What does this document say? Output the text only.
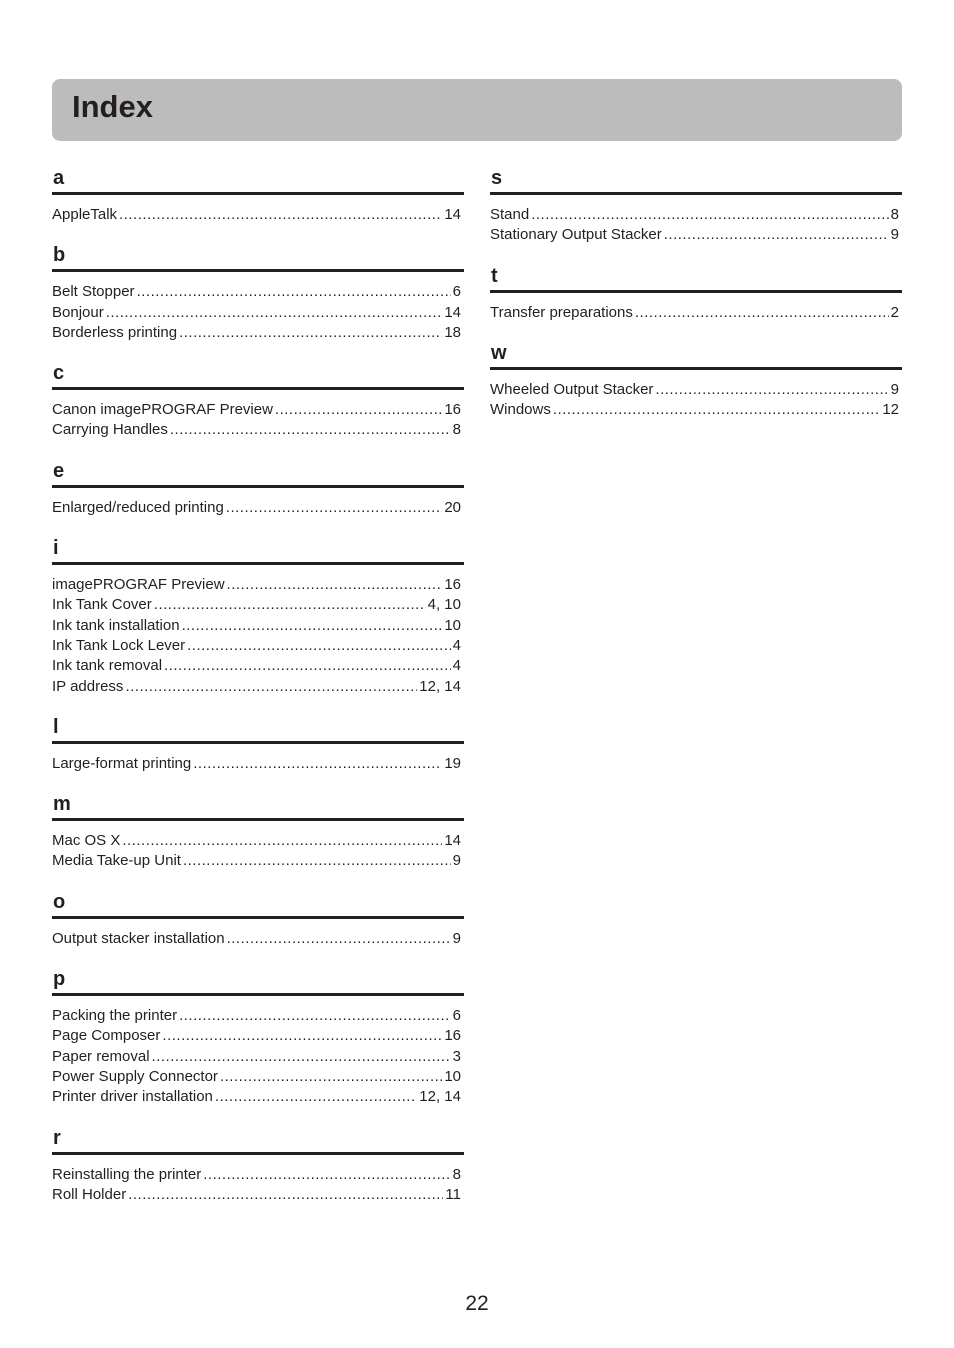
Index
a
AppleTalk .....	14
b
Belt Stopper .....	6
Bonjour .....	14
Borderless printing .....	18
c
Canon imagePROGRAF Preview .....	16
Carrying Handles .....	8
e
Enlarged/reduced printing .....	20
i
imagePROGRAF Preview .....	16
Ink Tank Cover .....	4, 10
Ink tank installation .....	10
Ink Tank Lock Lever .....	4
Ink tank removal .....	4
IP address .....	12, 14
l
Large-format printing .....	19
m
Mac OS X .....	14
Media Take-up Unit .....	9
o
Output stacker installation .....	9
p
Packing the printer .....	6
Page Composer .....	16
Paper removal .....	3
Power Supply Connector .....	10
Printer driver installation .....	12, 14
r
Reinstalling the printer .....	8
Roll Holder .....	11
s
Stand .....	8
Stationary Output Stacker .....	9
t
Transfer preparations .....	2
w
Wheeled Output Stacker .....	9
Windows .....	12
22
